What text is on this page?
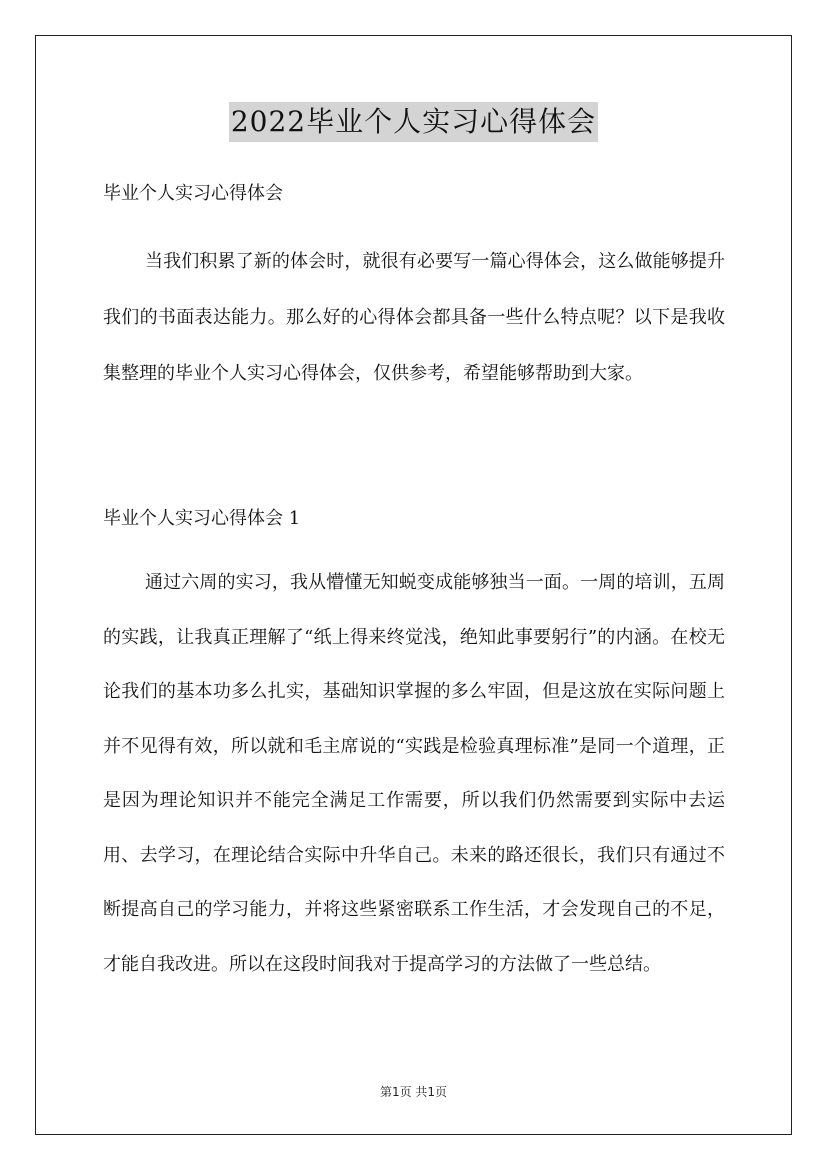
2022毕业个人实习心得体会

毕业个人实习心得体会

当我们积累了新的体会时，就很有必要写一篇心得体会，这么做能够提升我们的书面表达能力。那么好的心得体会都具备一些什么特点呢？以下是我收集整理的毕业个人实习心得体会，仅供参考，希望能够帮助到大家。

毕业个人实习心得体会 1

通过六周的实习，我从懵懂无知蜕变成能够独当一面。一周的培训，五周的实践，让我真正理解了“纸上得来终觉浅，绝知此事要躬行”的内涵。在校无论我们的基本功多么扎实，基础知识掌握的多么牢固，但是这放在实际问题上并不见得有效，所以就和毛主席说的“实践是检验真理标准”是同一个道理，正是因为理论知识并不能完全满足工作需要，所以我们仍然需要到实际中去运用、去学习，在理论结合实际中升华自己。未来的路还很长，我们只有通过不断提高自己的学习能力，并将这些紧密联系工作生活，才会发现自己的不足，才能自我改进。所以在这段时间我对于提高学习的方法做了一些总结。

第1页 共1页
